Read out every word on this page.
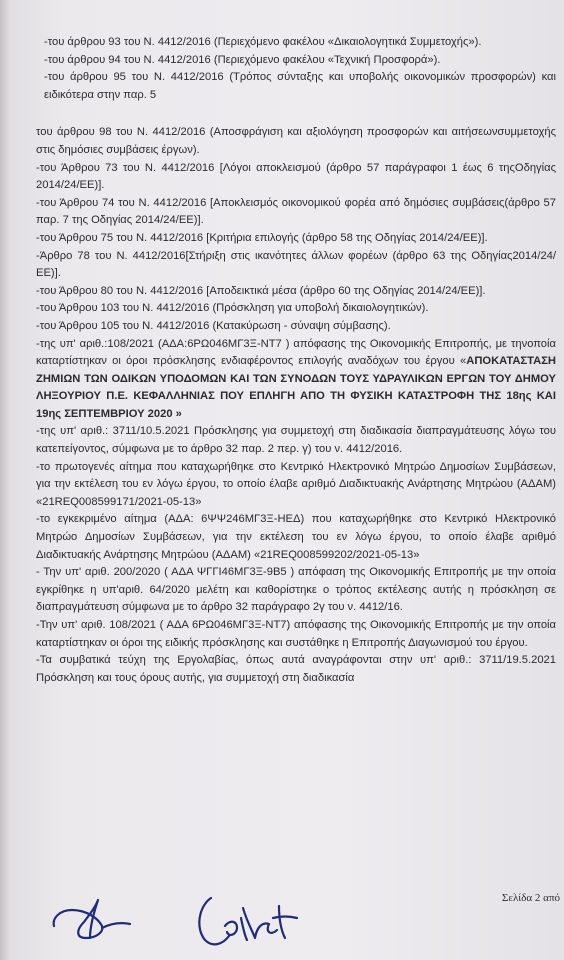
-του άρθρου 93 του Ν. 4412/2016 (Περιεχόμενο φακέλου «Δικαιολογητικά Συμμετοχής»).

-του άρθρου 94 του Ν. 4412/2016 (Περιεχόμενο φακέλου «Τεχνική Προσφορά»).

-του άρθρου 95 του Ν. 4412/2016 (Τρόπος σύνταξης και υποβολής οικονομικών προσφορών) και ειδικότερα στην παρ. 5

του άρθρου 98 του Ν. 4412/2016 (Αποσφράγιση και αξιολόγηση προσφορών και αιτήσεωνσυμμετοχής στις δημόσιες συμβάσεις έργων).

-του Άρθρου 73 του Ν. 4412/2016 [Λόγοι αποκλεισμού (άρθρο 57 παράγραφοι 1 έως 6 τηςΟδηγίας 2014/24/ΕΕ)].

-του Άρθρου 74 του Ν. 4412/2016 [Αποκλεισμός οικονομικού φορέα από δημόσιες συμβάσεις(άρθρο 57 παρ. 7 της Οδηγίας 2014/24/ΕΕ)].

-του Άρθρου 75 του Ν. 4412/2016 [Κριτήρια επιλογής (άρθρο 58 της Οδηγίας 2014/24/ΕΕ)].

-Άρθρο 78 του Ν. 4412/2016[Στήριξη στις ικανότητες άλλων φορέων (άρθρο 63 της Οδηγίας2014/24/ΕΕ)].

-του Άρθρου 80 του Ν. 4412/2016 [Αποδεικτικά μέσα (άρθρο 60 της Οδηγίας 2014/24/ΕΕ)].

-του Άρθρου 103 του Ν. 4412/2016 (Πρόσκληση για υποβολή δικαιολογητικών).

-του Άρθρου 105 του Ν. 4412/2016 (Κατακύρωση - σύναψη σύμβασης).

-της υπ' αριθ.:108/2021 (ΑΔΑ:6ΡΩ046ΜΓ3Ξ-ΝΤ7 ) απόφασης της Οικονομικής Επιτροπής, με τηνοποία καταρτίστηκαν οι όροι πρόσκλησης ενδιαφέροντος επιλογής αναδόχων του έργου «ΑΠΟΚΑΤΑΣΤΑΣΗ ΖΗΜΙΩΝ ΤΩΝ ΟΔΙΚΩΝ ΥΠΟΔΟΜΩΝ ΚΑΙ ΤΩΝ ΣΥΝΟΔΩΝ ΤΟΥΣ ΥΔΡΑΥΛΙΚΩΝ ΕΡΓΩΝ ΤΟΥ ΔΗΜΟΥ ΛΗΞΟΥΡΙΟΥ Π.Ε. ΚΕΦΑΛΛΗΝΙΑΣ ΠΟΥ ΕΠΛΗΓΗ ΑΠΟ ΤΗ ΦΥΣΙΚΗ ΚΑΤΑΣΤΡΟΦΗ ΤΗΣ 18ης ΚΑΙ 19ης ΣΕΠΤΕΜΒΡΙΟΥ 2020 »

-της υπ' αριθ.: 3711/10.5.2021 Πρόσκλησης για συμμετοχή στη διαδικασία διαπραγμάτευσης λόγω του κατεπείγοντος, σύμφωνα με το άρθρο 32 παρ. 2 περ. γ) του ν. 4412/2016.

-το πρωτογενές αίτημα που καταχωρήθηκε στο Κεντρικό Ηλεκτρονικό Μητρώο Δημοσίων Συμβάσεων, για την εκτέλεση του εν λόγω έργου, το οποίο έλαβε αριθμό Διαδικτυακής Ανάρτησης Μητρώου (ΑΔΑΜ) «21REQ008599171/2021-05-13»

-το εγκεκριμένο αίτημα (ΑΔΑ: 6ΨΨ246ΜΓ3Ξ-ΗΕΔ) που καταχωρήθηκε στο Κεντρικό Ηλεκτρονικό Μητρώο Δημοσίων Συμβάσεων, για την εκτέλεση του εν λόγω έργου, το οποίο έλαβε αριθμό Διαδικτυακής Ανάρτησης Μητρώου (ΑΔΑΜ) «21REQ008599202/2021-05-13»

- Την υπ' αριθ. 200/2020 ( ΑΔΑ ΨΓΓΙ46ΜΓ3Ξ-9Β5 ) απόφαση της Οικονομικής Επιτροπής με την οποία εγκρίθηκε η υπ'αριθ. 64/2020 μελέτη και καθορίστηκε ο τρόπος εκτέλεσης αυτής η πρόσκληση σε διαπραγμάτευση σύμφωνα με το άρθρο 32 παράγραφο 2γ του ν. 4412/16.

-Την υπ' αριθ. 108/2021 ( ΑΔΑ 6ΡΩ046ΜΓ3Ξ-ΝΤ7) απόφασης της Οικονομικής Επιτροπής με την οποία καταρτίστηκαν οι όροι της ειδικής πρόσκλησης και συστάθηκε η Επιτροπής Διαγωνισμού του έργου.

-Τα συμβατικά τεύχη της Εργολαβίας, όπως αυτά αναγράφονται στην υπ' αριθ.: 3711/19.5.2021 Πρόσκληση και τους όρους αυτής, για συμμετοχή στη διαδικασία

Σελίδα 2 από
